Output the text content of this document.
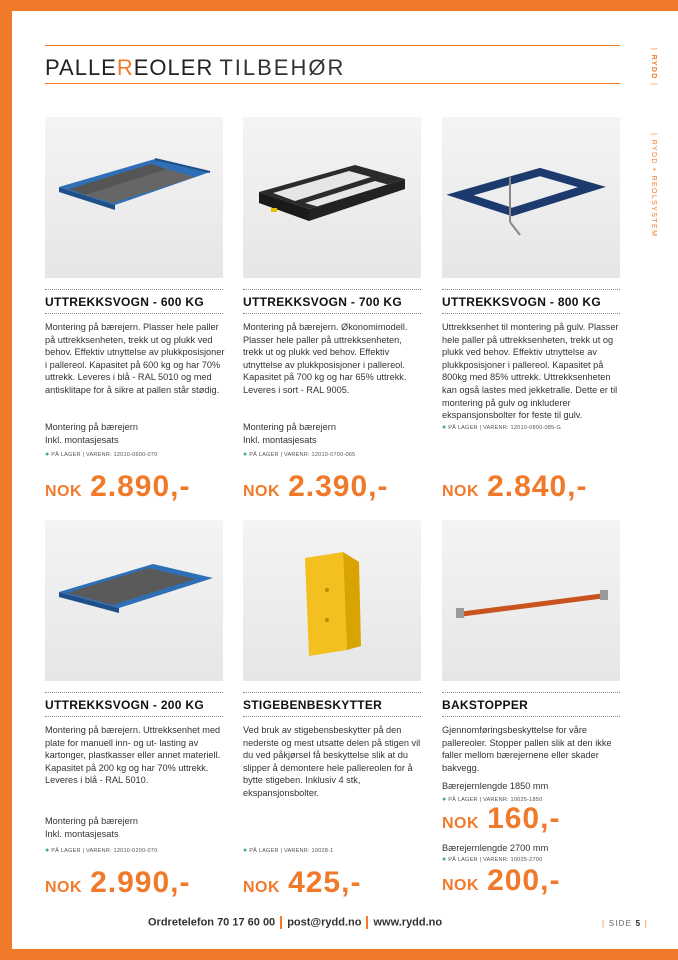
| RYDD |  | RYDD • REOLSYSTEM
PALLEREOLER TILBEHØR
UTTREKKSVOGN - 600 KG
Montering på bærejern. Plasser hele paller på uttrekksenheten, trekk ut og plukk ved behov. Effektiv utnyttelse av plukkposisjoner i pallereol. Kapasitet på 600 kg og har 70% uttrekk. Leveres i blå - RAL 5010 og med antisklitape for å sikre at pallen står stødig.
Montering på bærejern
Inkl. montasjesats
● PÅ LAGER | VARENR: 12010-0600-070
NOK 2.890,-
UTTREKKSVOGN - 700 KG
Montering på bærejern. Økonomimodell. Plasser hele paller på uttrekksenheten, trekk ut og plukk ved behov. Effektiv utnyttelse av plukkposisjoner i pallereol. Kapasitet på 700 kg og har 65% uttrekk. Leveres i sort - RAL 9005.
Montering på bærejern
Inkl. montasjesats
● PÅ LAGER | VARENR: 12010-0700-065
NOK 2.390,-
UTTREKKSVOGN - 800 KG
Uttrekksenhet til montering på gulv. Plasser hele paller på uttrekksenheten, trekk ut og plukk ved behov. Effektiv utnyttelse av plukkposisjoner i pallereol. Kapasitet på 800kg med 85% uttrekk. Uttrekksenheten kan også lastes med jekketralle. Dette er til montering på gulv og inkluderer ekspansjonsbolter for feste til gulv.
● PÅ LAGER | VARENR: 12010-0800-085-G
NOK 2.840,-
UTTREKKSVOGN - 200 KG
Montering på bærejern. Uttrekksenhet med plate for manuell inn- og ut- lasting av kartonger, plastkasser eller annet materiell. Kapasitet på 200 kg og har 70% uttrekk. Leveres i blå - RAL 5010.
Montering på bærejern
Inkl. montasjesats
● PÅ LAGER | VARENR: 12010-0200-070
NOK 2.990,-
STIGEBENBESKYTTER
Ved bruk av stigebensbeskytter på den nederste og mest utsatte delen på stigen vil du ved påkjørsel få beskyttelse slik at du slipper å demontere hele pallereolen for å bytte stigeben. Inklusiv 4 stk, ekspansjonsbolter.
● PÅ LAGER | VARENR: 10028-1
NOK 425,-
BAKSTOPPER
Gjennomføringsbeskyttelse for våre pallereoler. Stopper pallen slik at den ikke faller mellom bærejernene eller skader bakvegg.
Bærejernlengde 1850 mm
● PÅ LAGER | VARENR: 10025-1850
NOK 160,-
Bærejernlengde 2700 mm
● PÅ LAGER | VARENR: 10025-2700
NOK 200,-
Ordretelefon 70 17 60 00 post@rydd.no www.rydd.no	| SIDE 5 |
